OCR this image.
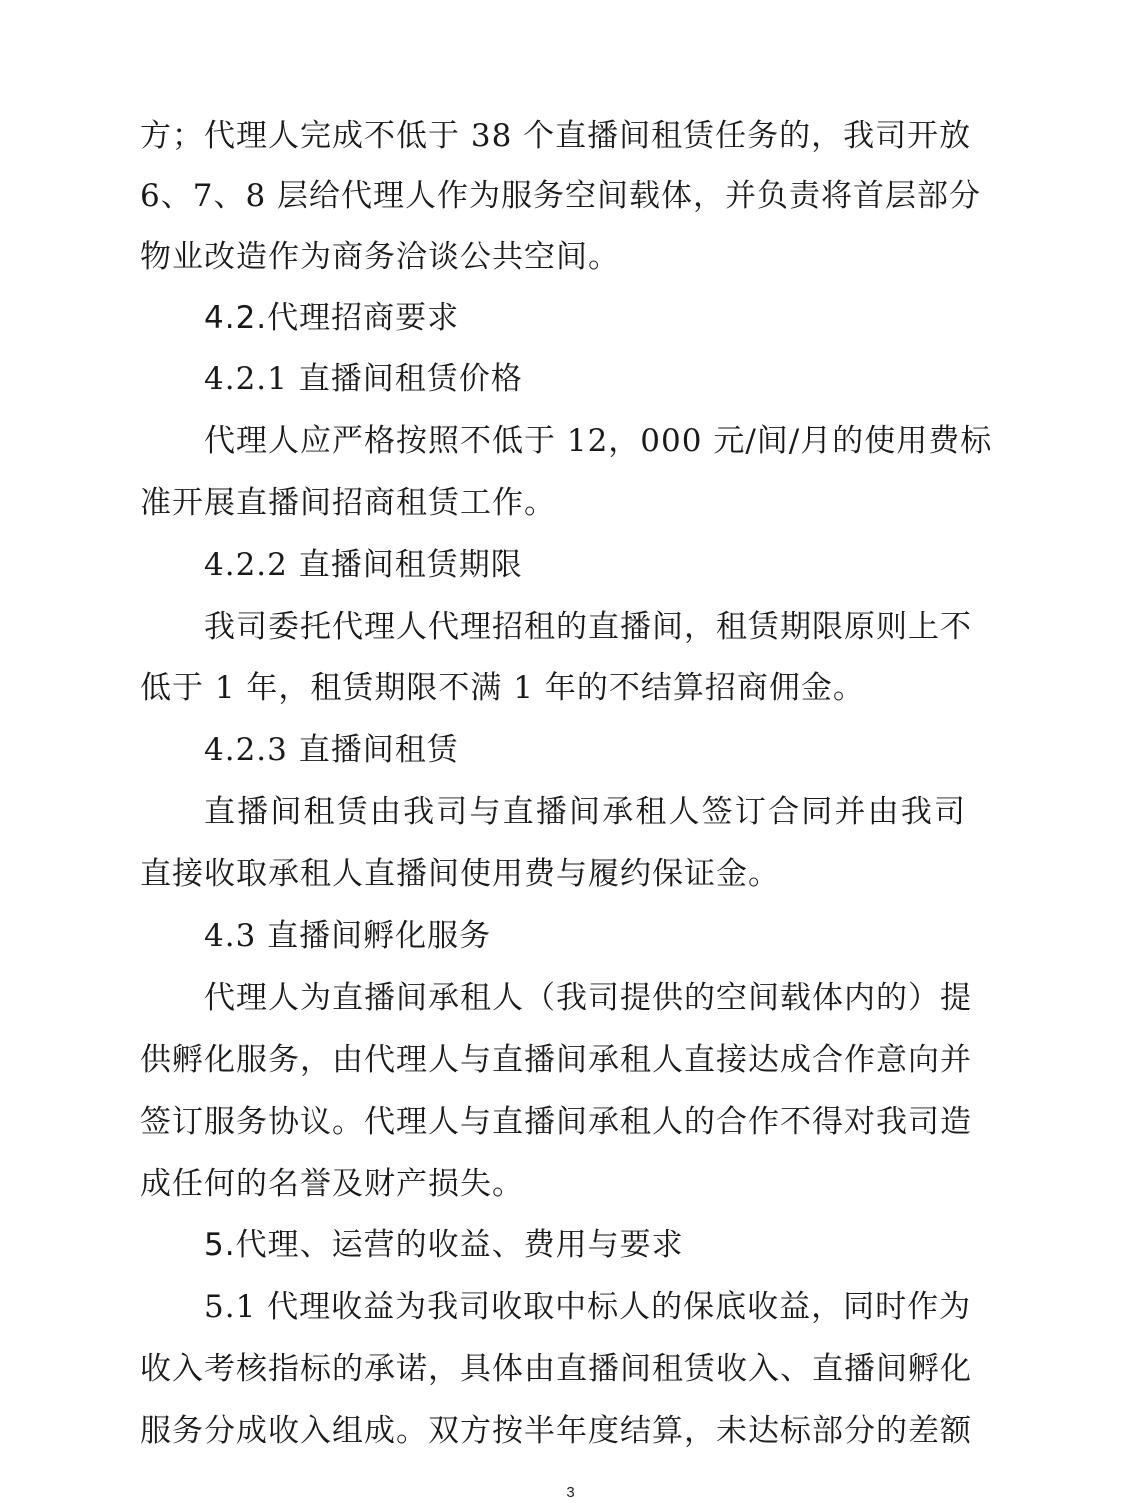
方；代理人完成不低于 38 个直播间租赁任务的，我司开放
6、7、8 层给代理人作为服务空间载体，并负责将首层部分
物业改造作为商务洽谈公共空间。
4.2.代理招商要求
4.2.1 直播间租赁价格
代理人应严格按照不低于 12，000 元/间/月的使用费标
准开展直播间招商租赁工作。
4.2.2 直播间租赁期限
我司委托代理人代理招租的直播间，租赁期限原则上不
低于 1 年，租赁期限不满 1 年的不结算招商佣金。
4.2.3 直播间租赁
直播间租赁由我司与直播间承租人签订合同并由我司
直接收取承租人直播间使用费与履约保证金。
4.3 直播间孵化服务
代理人为直播间承租人（我司提供的空间载体内的）提
供孵化服务，由代理人与直播间承租人直接达成合作意向并
签订服务协议。代理人与直播间承租人的合作不得对我司造
成任何的名誉及财产损失。
5.代理、运营的收益、费用与要求
5.1 代理收益为我司收取中标人的保底收益，同时作为
收入考核指标的承诺，具体由直播间租赁收入、直播间孵化
服务分成收入组成。双方按半年度结算，未达标部分的差额
3
